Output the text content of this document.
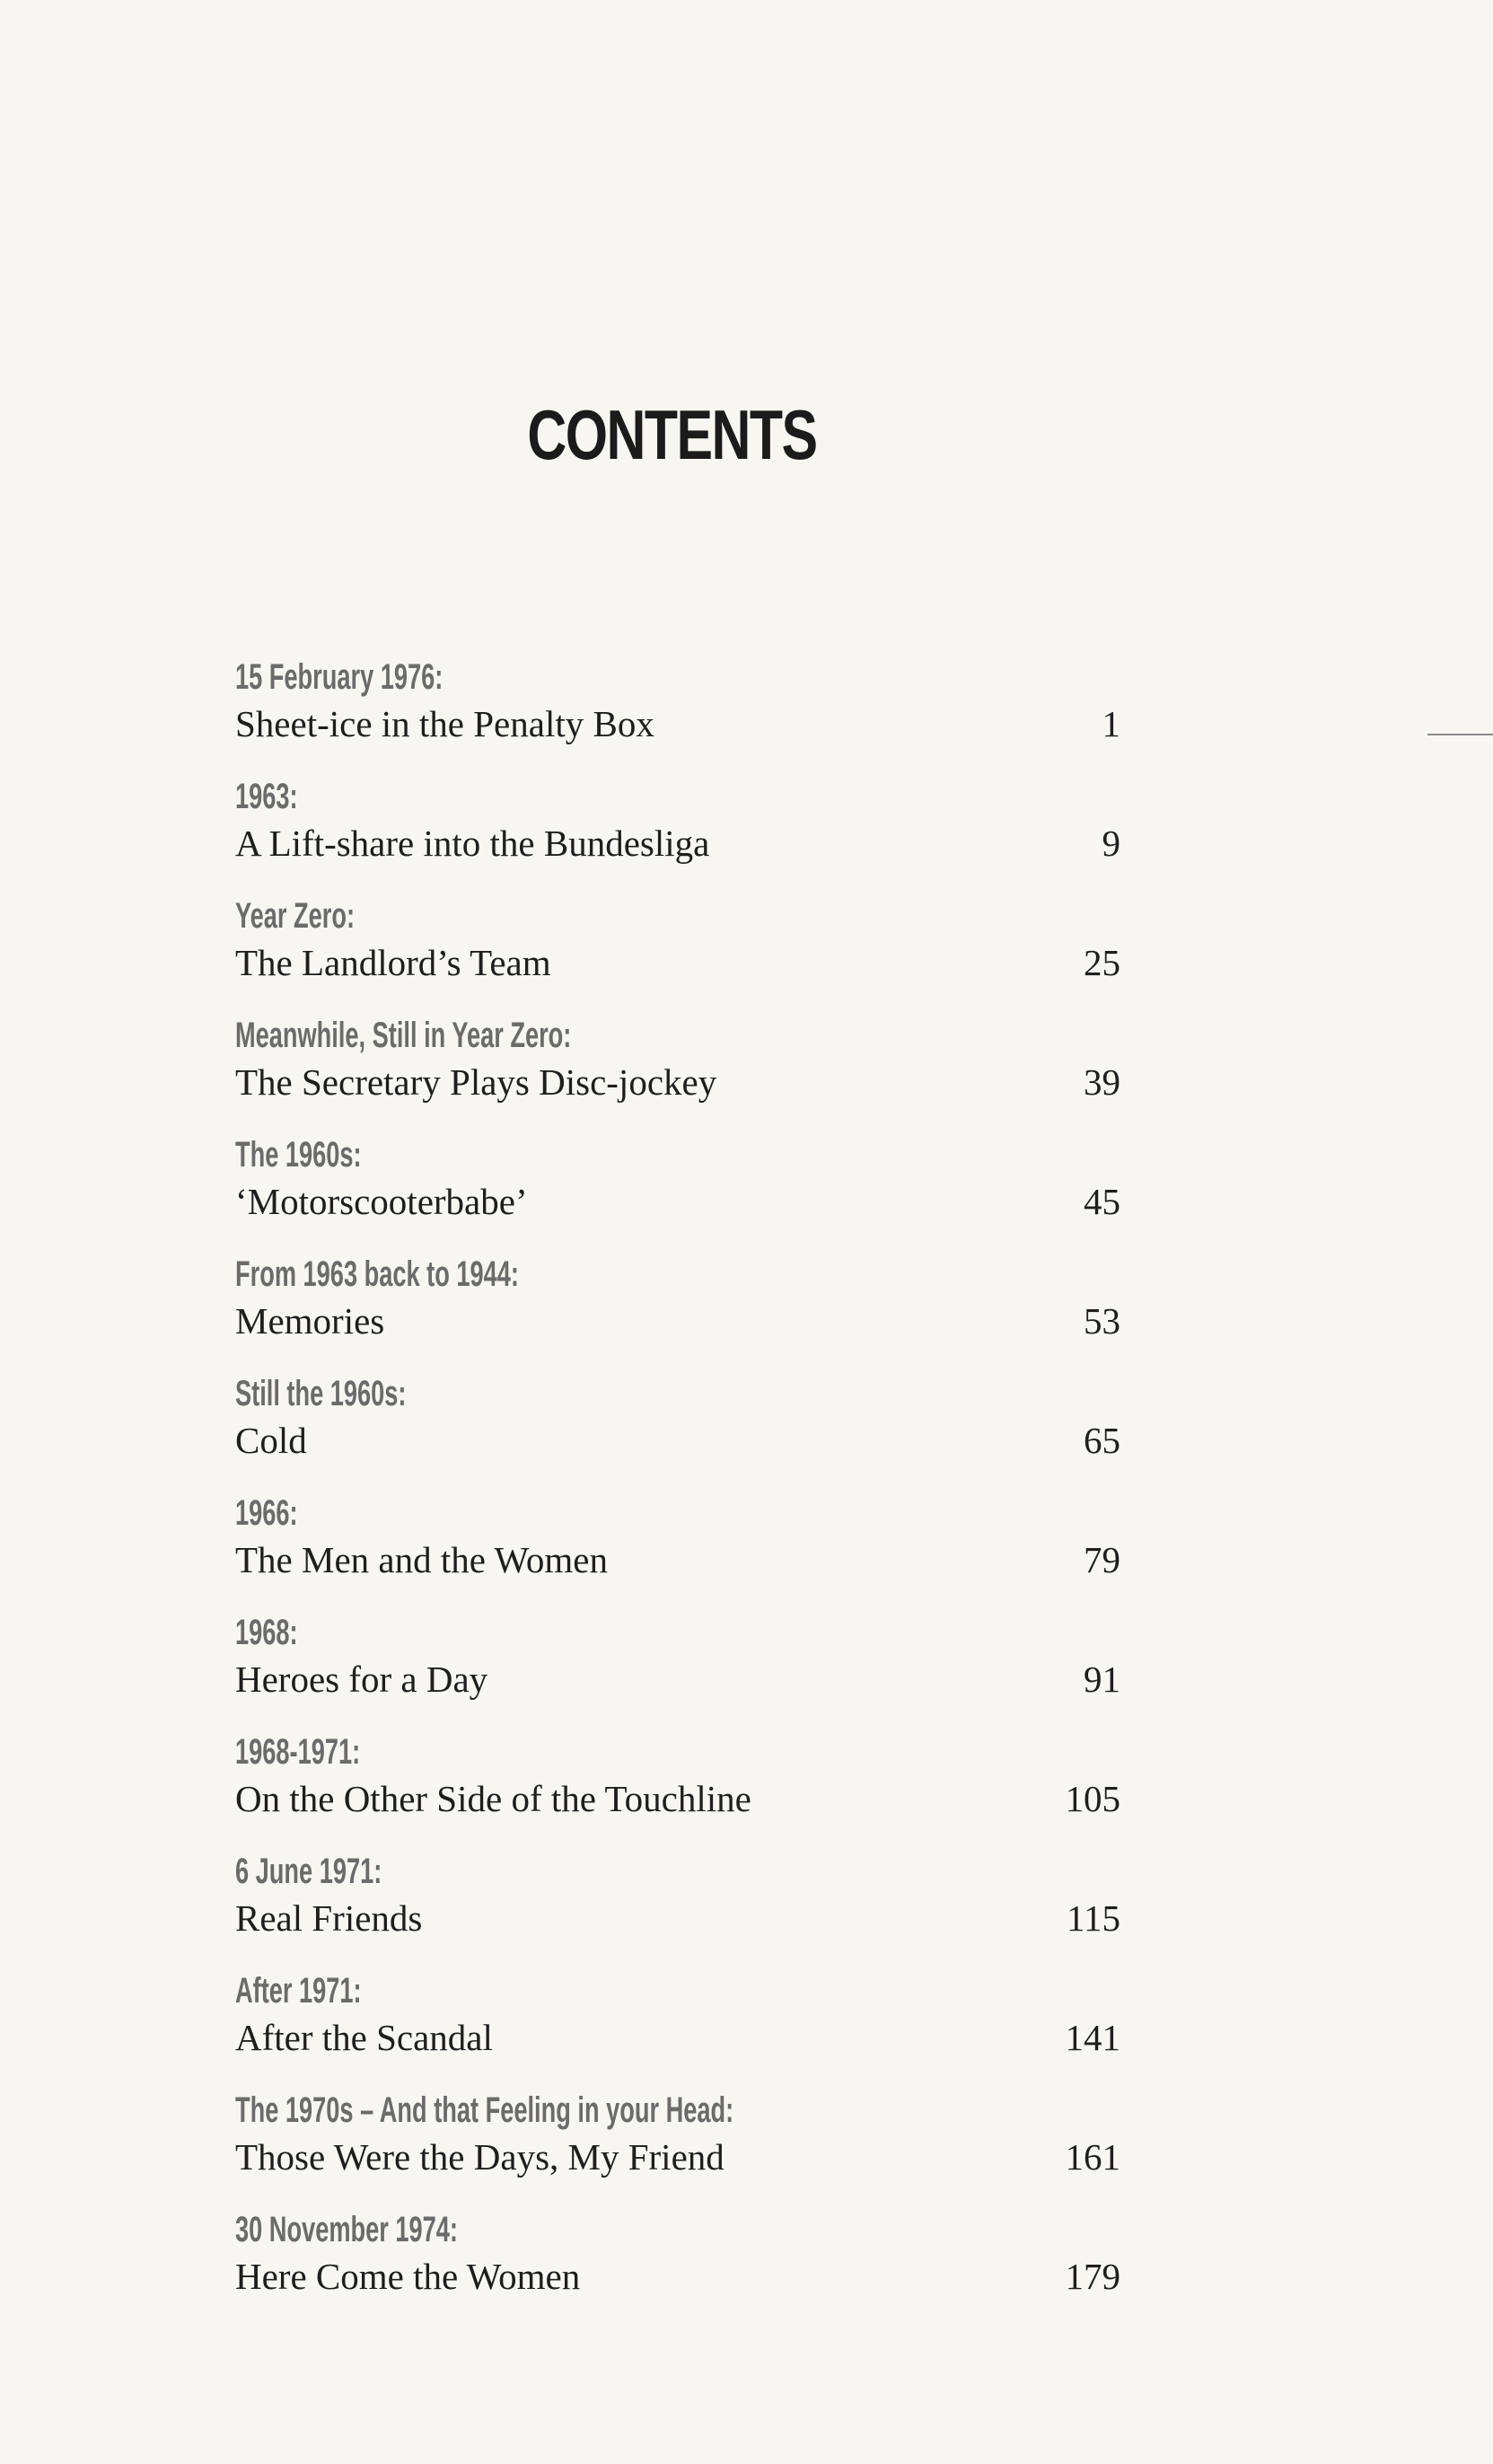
CONTENTS
15 February 1976:
Sheet-ice in the Penalty Box	1
1963:
A Lift-share into the Bundesliga	9
Year Zero:
The Landlord’s Team	25
Meanwhile, Still in Year Zero:
The Secretary Plays Disc-jockey	39
The 1960s:
‘Motorscooterbabe’	45
From 1963 back to 1944:
Memories	53
Still the 1960s:
Cold	65
1966:
The Men and the Women	79
1968:
Heroes for a Day	91
1968-1971:
On the Other Side of the Touchline	105
6 June 1971:
Real Friends	115
After 1971:
After the Scandal	141
The 1970s – And that Feeling in your Head:
Those Were the Days, My Friend	161
30 November 1974:
Here Come the Women	179
